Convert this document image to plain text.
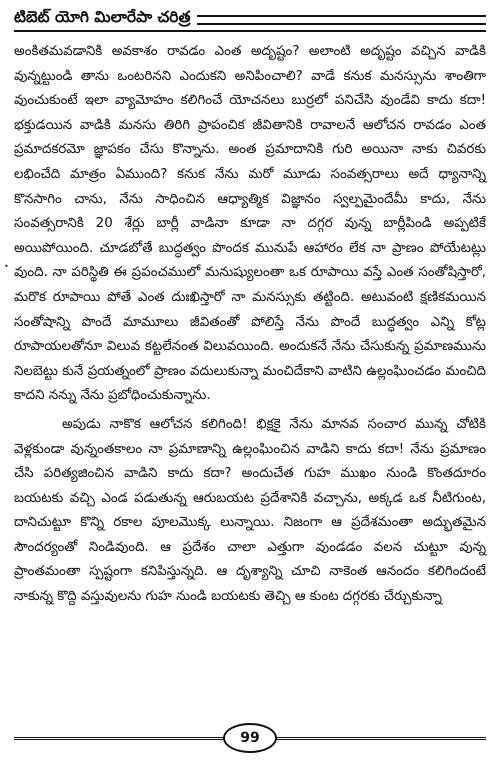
టిబెట్ యోగి మిలారేపా చరిత్ర
•

అంకితమవడానికి అవకాశం రావడం ఎంత అదృష్టం? అలాంటి అదృష్టం వచ్చిన వాడికి వున్నట్టుండి తాను ఒంటరినని ఎందుకని అనిపించాలి? వాడే కనుక మనస్సును శాంతిగా వుంచుకుంటే ఇలా వ్యామోహం కలిగించే యోచనలు బుర్రలో పనిచేసి వుండేవి కాదు కదా! భక్తుడయిన వాడికి మనసు తిరిగి ప్రాపంచిక జీవితానికి రావాలనే ఆలోచన రావడం ఎంత ప్రమాదకరమో జ్ఞాపకం చేసు కొన్నాను. అంత ప్రమాదానికి గురి అయినా నాకు చివరకు లభించేది మాత్రం ఏముంది? కనుక నేను మరో మూడు సంవత్సరాలు అదే ధ్యానాన్ని కొనసాగిం చాను, నేను సాధించిన ఆధ్యాత్మిక విజ్ఞానం స్వల్పమైందేమీ కాదు, నేను సంవత్సరానికి 20 శేర్లు బార్లీ వాడినా కూడా నా దగ్గర వున్న బార్లీపిండి అప్పటికే అయిపోయింది. చూడబోతే బుద్ధత్వం పొందక మునుపే ఆహారం లేక నా ప్రాణం పోయేటట్లు వుంది. నా పరిస్థితి ఈ ప్రపంచములో మనుష్యులంతా ఒక రూపాయి వస్తే ఎంత సంతోషిస్తారో, మరొక రూపాయి పోతే ఎంత దుఃఖిస్తారో నా మనస్సుకు తట్టింది. అటువంటి క్షణికమయిన సంతోషాన్ని పొందే మామూలు జీవితంతో పోలిస్తే నేను పొందే బుద్ధత్వం ఎన్ని కోట్ల రూపాయలతోనూ విలువ కట్టలేనంత విలువయింది. అందుకనే నేను చేసుకున్న ప్రమాణమును నిలబెట్టు కునే ప్రయత్నంలో ప్రాణం వదులుకున్నా మంచిదేకాని వాటిని ఉల్లంఘించడం మంచిది కాదని నన్ను నేను ప్రబోధించుకున్నాను.

అపుడు నాకొక ఆలోచన కలిగింది! భిక్షకై నేను మానవ సంచార మున్న చోటికి వెళ్లకుండా వున్నంతకాలం నా ప్రమాణాన్ని ఉల్లంఘించిన వాడిని కాదు కదా! నేను ప్రమాణం చేసి పరిత్యజించిన వాడిని కాదు కదా? అందుచేత గుహ ముఖం నుండి కొంతదూరం బయటకు వచ్చి ఎండ పడుతున్న ఆరుబయట ప్రదేశానికి వచ్చాను, అక్కడ ఒక నీటిగుంట, దానిచుట్టూ కొన్ని రకాల పూలమొక్క లున్నాయి. నిజంగా ఆ ప్రదేశమంతా అద్భుతమైన సౌందర్యంతో నిండివుంది. ఆ ప్రదేశం చాలా ఎత్తుగా వుండడం వలన చుట్టూ వున్న ప్రాంతమంతా స్పష్టంగా కనిపిస్తున్నది. ఆ దృశ్యాన్ని చూచి నాకెంత ఆనందం కలిగిందంటే నాకున్న కొద్ది వస్తువులను గుహ నుండి బయటకు తెచ్చి ఆ కుంట దగ్గరకు చేర్చుకున్నా

99
